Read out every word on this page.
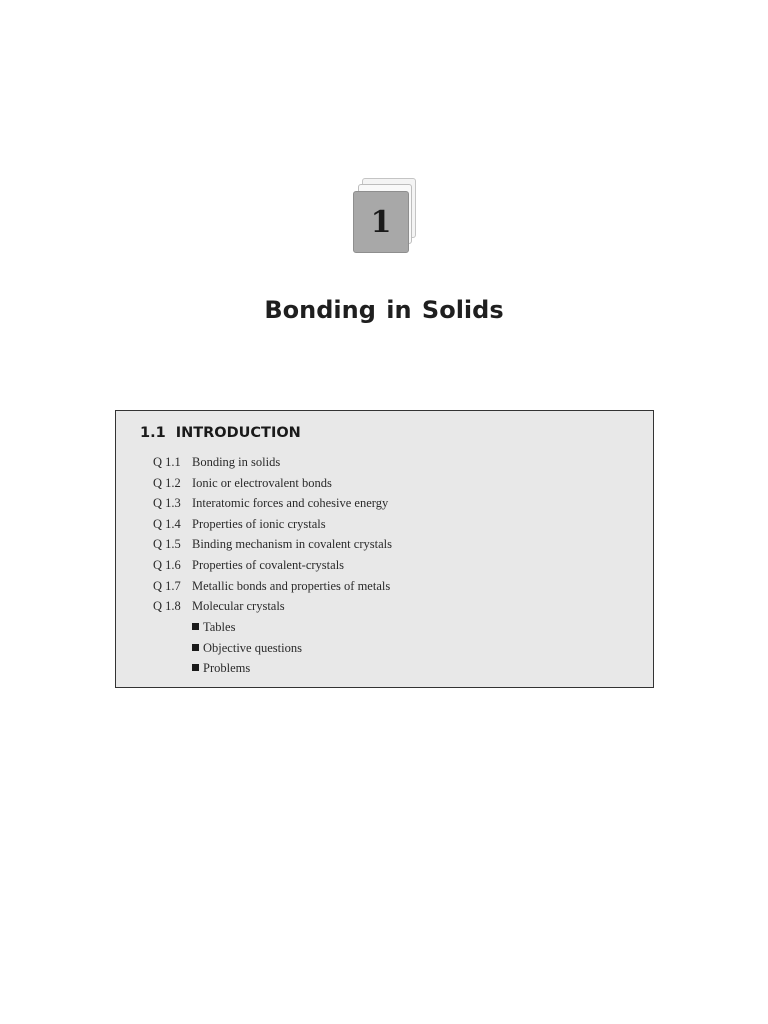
1
Bonding in Solids
1.1 INTRODUCTION
Q 1.1 Bonding in solids
Q 1.2 Ionic or electrovalent bonds
Q 1.3 Interatomic forces and cohesive energy
Q 1.4 Properties of ionic crystals
Q 1.5 Binding mechanism in covalent crystals
Q 1.6 Properties of covalent-crystals
Q 1.7 Metallic bonds and properties of metals
Q 1.8 Molecular crystals
Tables
Objective questions
Problems
